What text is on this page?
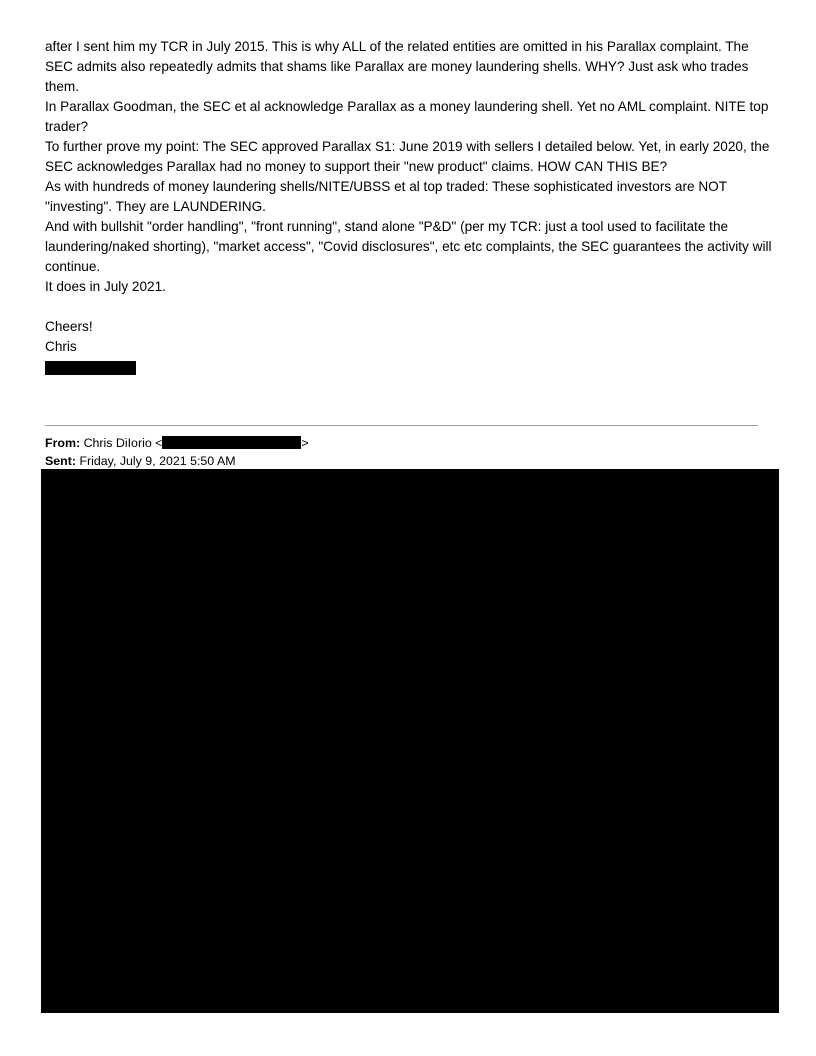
after I sent him my TCR in July 2015. This is why ALL of the related entities are omitted in his Parallax complaint. The SEC admits also repeatedly admits that shams like Parallax are money laundering shells. WHY? Just ask who trades them.

In Parallax Goodman, the SEC et al acknowledge Parallax as a money laundering shell. Yet no AML complaint. NITE top trader?

To further prove my point: The SEC approved Parallax S1: June 2019 with sellers I detailed below. Yet, in early 2020, the SEC acknowledges Parallax had no money to support their "new product" claims. HOW CAN THIS BE?

As with hundreds of money laundering shells/NITE/UBSS et al top traded: These sophisticated investors are NOT "investing". They are LAUNDERING.

And with bullshit "order handling", "front running", stand alone "P&D" (per my TCR: just a tool used to facilitate the laundering/naked shorting), "market access", "Covid disclosures", etc etc complaints, the SEC guarantees the activity will continue.

It does in July 2021.

Cheers!

Chris

From: Chris DiIorio <	>
Sent: Friday, July 9, 2021 5:50 AM
